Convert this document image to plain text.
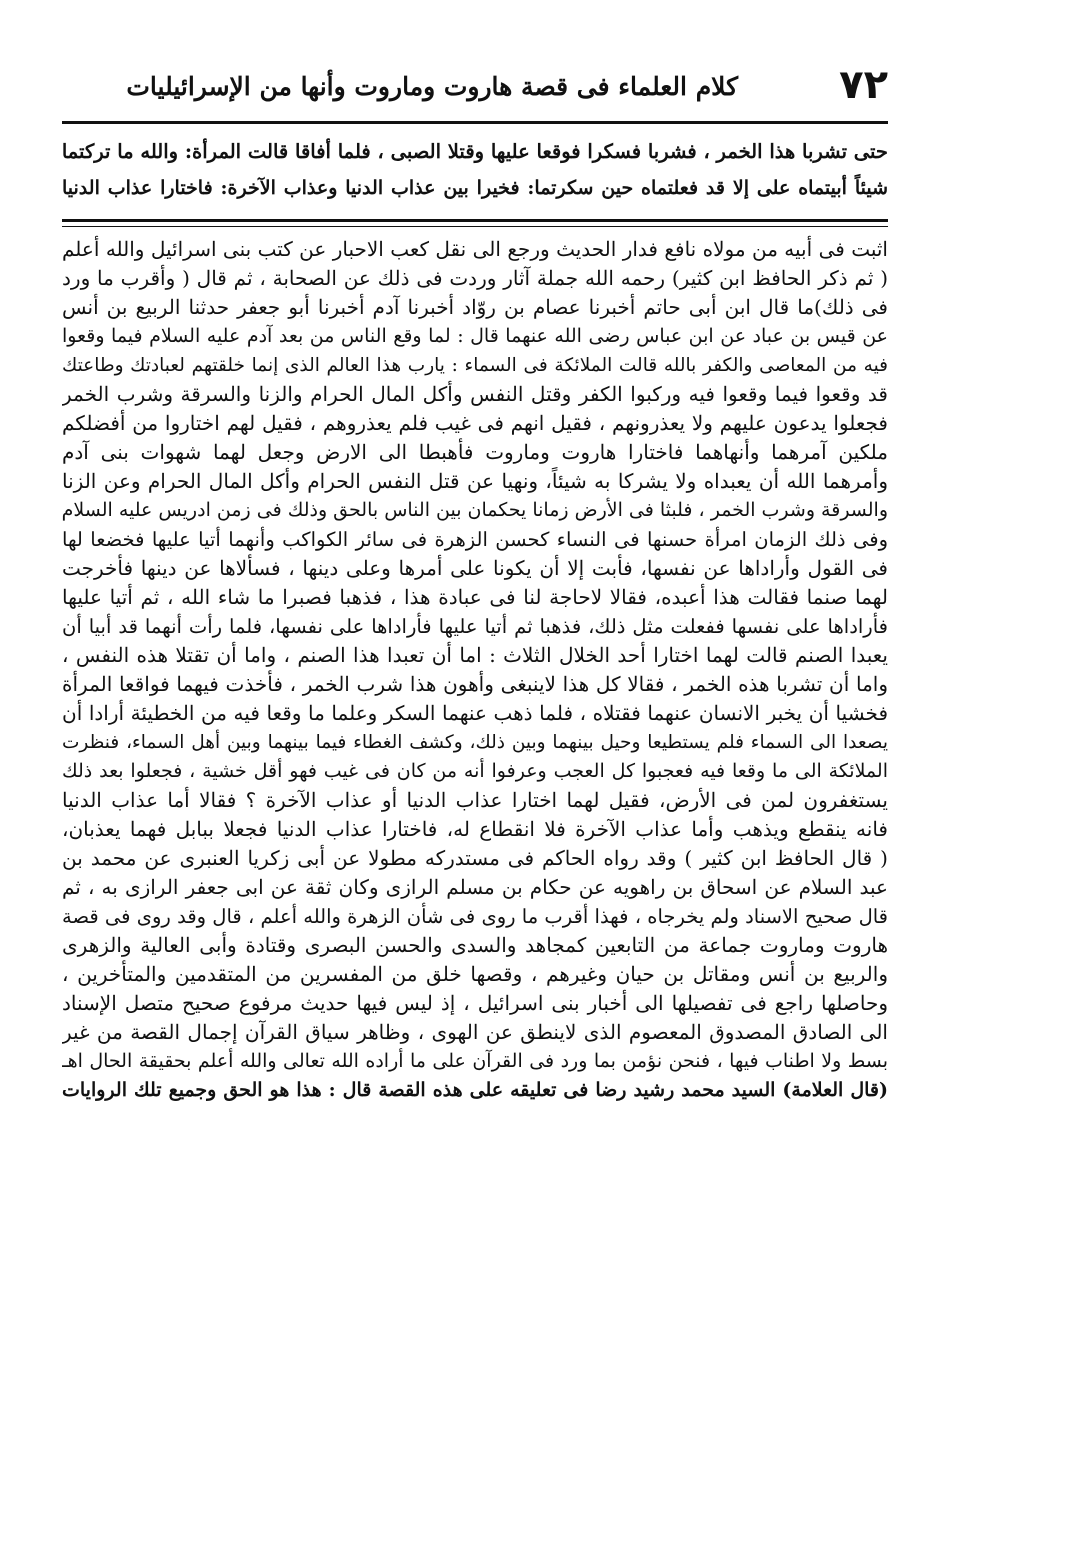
٧٢
كلام العلماء فى قصة هاروت وماروت وأنها من الإسرائيليات
حتى تشربا هذا الخمر ، فشربا فسكرا فوقعا عليها وقتلا الصبى ، فلما أفاقا قالت المرأة: والله ما تركتما
شيئاً أبيتماه على إلا قد فعلتماه حين سكرتما: فخيرا بين عذاب الدنيا وعذاب الآخرة: فاختارا عذاب الدنيا
اثبت فى أبيه من مولاه نافع فدار الحديث ورجع الى نقل كعب الاحبار عن كتب بنى اسرائيل والله أعلم
( ثم ذكر الحافظ ابن كثير) رحمه الله جملة آثار وردت فى ذلك عن الصحابة ، ثم قال ( وأقرب ما ورد
فى ذلك)ما قال ابن أبى حاتم أخبرنا عصام بن روّاد أخبرنا آدم أخبرنا أبو جعفر حدثنا الربيع بن أنس
عن قيس بن عباد عن ابن عباس رضى الله عنهما قال : لما وقع الناس من بعد آدم عليه السلام فيما وقعوا
فيه من المعاصى والكفر بالله قالت الملائكة فى السماء : يارب هذا العالم الذى إنما خلقتهم لعبادتك وطاعتك
قد وقعوا فيما وقعوا فيه وركبوا الكفر وقتل النفس وأكل المال الحرام والزنا والسرقة وشرب الخمر
فجعلوا يدعون عليهم ولا يعذرونهم ، فقيل انهم فى غيب فلم يعذروهم ، فقيل لهم اختاروا من أفضلكم
ملكين آمرهما وأنهاهما فاختارا هاروت وماروت فأهبطا الى الارض وجعل لهما شهوات بنى آدم
وأمرهما الله أن يعبداه ولا يشركا به شيئاً، ونهيا عن قتل النفس الحرام وأكل المال الحرام وعن الزنا
والسرقة وشرب الخمر ، فلبثا فى الأرض زمانا يحكمان بين الناس بالحق وذلك فى زمن ادريس عليه السلام
وفى ذلك الزمان امرأة حسنها فى النساء كحسن الزهرة فى سائر الكواكب وأنهما أتيا عليها فخضعا لها
فى القول وأراداها عن نفسها، فأبت إلا أن يكونا على أمرها وعلى دينها ، فسألاها عن دينها فأخرجت
لهما صنما فقالت هذا أعبده، فقالا لاحاجة لنا فى عبادة هذا ، فذهبا فصبرا ما شاء الله ، ثم أتيا عليها
فأراداها على نفسها ففعلت مثل ذلك، فذهبا ثم أتيا عليها فأراداها على نفسها، فلما رأت أنهما قد أبيا أن
يعبدا الصنم قالت لهما اختارا أحد الخلال الثلاث : اما أن تعبدا هذا الصنم ، واما أن تقتلا هذه النفس ،
واما أن تشربا هذه الخمر ، فقالا كل هذا لاينبغى وأهون هذا شرب الخمر ، فأخذت فيهما فواقعا المرأة
فخشيا أن يخبر الانسان عنهما فقتلاه ، فلما ذهب عنهما السكر وعلما ما وقعا فيه من الخطيئة أرادا أن
يصعدا الى السماء فلم يستطيعا وحيل بينهما وبين ذلك، وكشف الغطاء فيما بينهما وبين أهل السماء، فنظرت
الملائكة الى ما وقعا فيه فعجبوا كل العجب وعرفوا أنه من كان فى غيب فهو أقل خشية ، فجعلوا بعد ذلك
يستغفرون لمن فى الأرض، فقيل لهما اختارا عذاب الدنيا أو عذاب الآخرة ؟ فقالا أما عذاب الدنيا
فانه ينقطع ويذهب وأما عذاب الآخرة فلا انقطاع له، فاختارا عذاب الدنيا فجعلا ببابل فهما يعذبان،
( قال الحافظ ابن كثير ) وقد رواه الحاكم فى مستدركه مطولا عن أبى زكريا العنبرى عن محمد بن
عبد السلام عن اسحاق بن راهويه عن حكام بن مسلم الرازى وكان ثقة عن ابى جعفر الرازى به ، ثم
قال صحيح الاسناد ولم يخرجاه ، فهذا أقرب ما روى فى شأن الزهرة والله أعلم ، قال وقد روى فى قصة
هاروت وماروت جماعة من التابعين كمجاهد والسدى والحسن البصرى وقتادة وأبى العالية والزهرى
والربيع بن أنس ومقاتل بن حيان وغيرهم ، وقصها خلق من المفسرين من المتقدمين والمتأخرين ،
وحاصلها راجع فى تفصيلها الى أخبار بنى اسرائيل ، إذ ليس فيها حديث مرفوع صحيح متصل الإسناد
الى الصادق المصدوق المعصوم الذى لاينطق عن الهوى ، وظاهر سياق القرآن إجمال القصة من غير
بسط ولا اطناب فيها ، فنحن نؤمن بما ورد فى القرآن على ما أراده الله تعالى والله أعلم بحقيقة الحال اهـ
(قال العلامة) السيد محمد رشيد رضا فى تعليقه على هذه القصة قال : هذا هو الحق وجميع تلك الروايات
